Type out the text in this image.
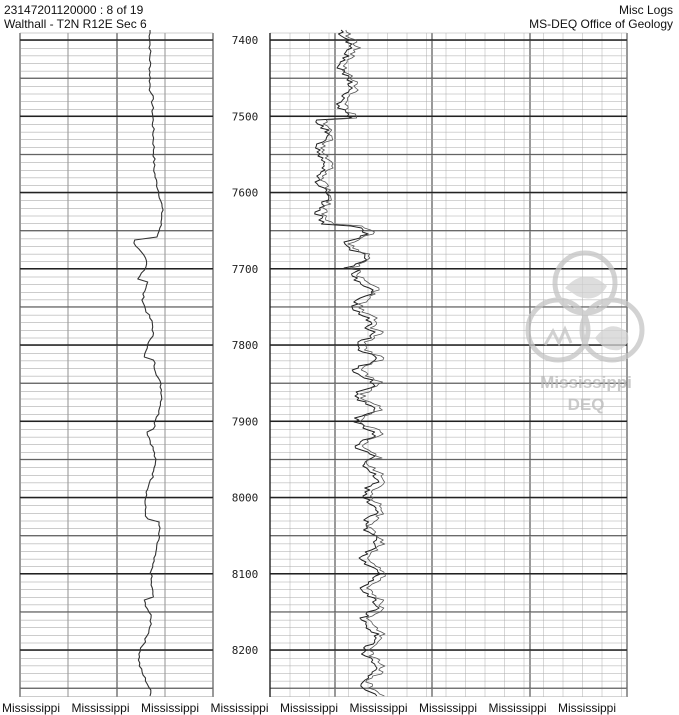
23147201120000 : 8 of 19
Walthall - T2N R12E Sec 6
Misc Logs
MS-DEQ Office of Geology
7400
7500
7600
7700
7800
7900
8000
8100
8200
Mississippi
DEQ
Mississippi Mississippi Mississippi Mississippi Mississippi Mississippi Mississippi Mississippi Mississippi
